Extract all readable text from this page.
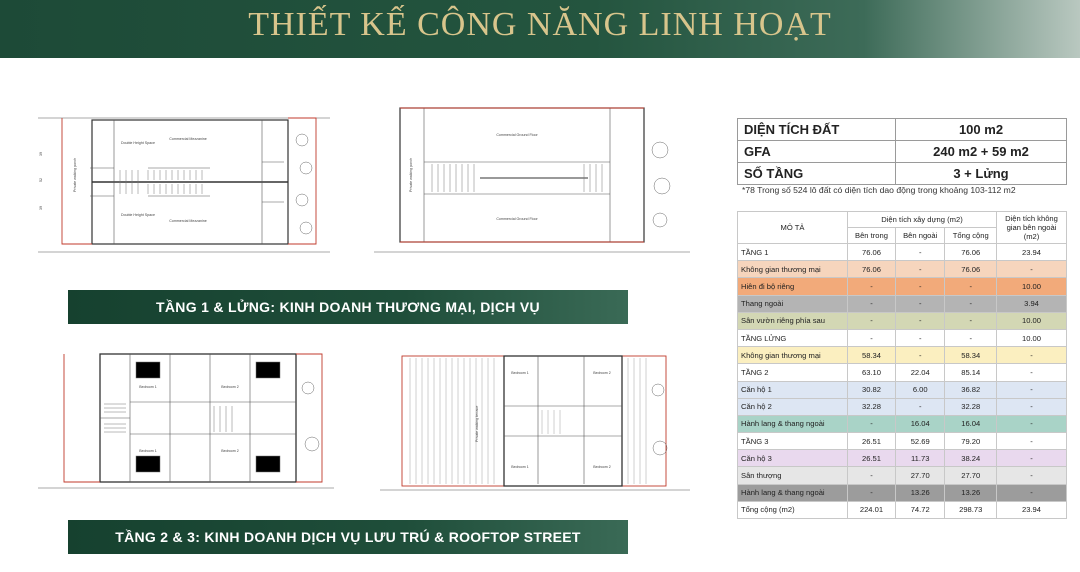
THIẾT KẾ CÔNG NĂNG LINH HOẠT
Commercial Mezzanine
Commercial Mezzanine
Double Height Space
Double Height Space
Private walking porch
39
52
39
Commercial Ground Floor
Commercial Ground Floor
Private walking porch
Bedroom 1	Bedroom 2
Bedroom 1	Bedroom 2
Bedroom 1	Bedroom 2
Bedroom 1	Bedroom 2
Private walking terrace
TẦNG 1 & LỬNG: KINH DOANH THƯƠNG MẠI, DỊCH VỤ
TẦNG 2 & 3: KINH DOANH DỊCH VỤ LƯU TRÚ & ROOFTOP STREET
DIỆN TÍCH ĐẤT	100 m2
GFA	240 m2 + 59 m2
SỐ TẦNG	3 + Lửng
*78 Trong số 524 lô đất có diện tích dao động trong khoảng 103-112 m2
MÔ TẢ	Diện tích xây dựng (m2)			Diện tích không gian bên ngoài (m2)
	Bên trong	Bên ngoài	Tổng cộng	
TẦNG 1	76.06	-	76.06	23.94
Không gian thương mại	76.06	-	76.06	-
Hiên đi bộ riêng	-	-	-	10.00
Thang ngoài	-	-	-	3.94
Sân vườn riêng phía sau	-	-	-	10.00
TẦNG LỬNG	-	-	-	10.00
Không gian thương mại	58.34	-	58.34	-
TẦNG 2	63.10	22.04	85.14	-
Căn hộ 1	30.82	6.00	36.82	-
Căn hộ 2	32.28	-	32.28	-
Hành lang & thang ngoài	-	16.04	16.04	-
TẦNG 3	26.51	52.69	79.20	-
Căn hộ 3	26.51	11.73	38.24	-
Sân thượng	-	27.70	27.70	-
Hành lang & thang ngoài	-	13.26	13.26	-
Tổng cộng (m2)	224.01	74.72	298.73	23.94
